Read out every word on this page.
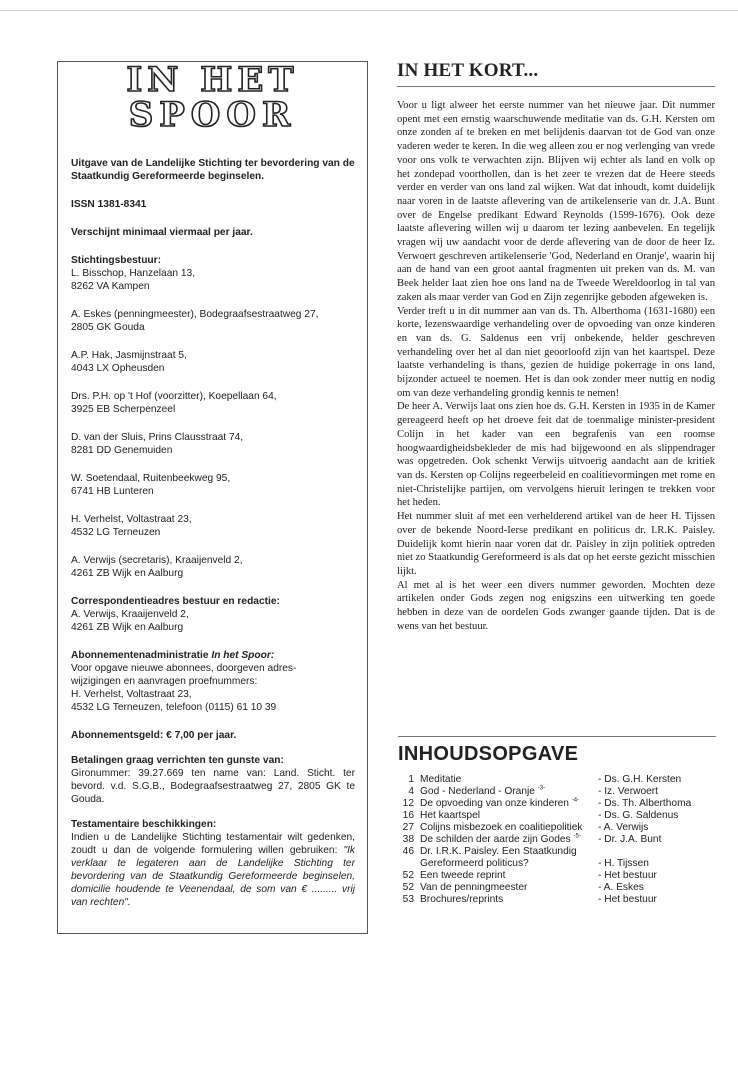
IN HET
SPOOR

Uitgave van de Landelijke Stichting ter bevordering van de Staatkundig Gereformeerde beginselen.

ISSN 1381-8341

Verschijnt minimaal viermaal per jaar.

Stichtingsbestuur:

L. Bisschop, Hanzelaan 13,

8262 VA Kampen

A. Eskes (penningmeester), Bodegraafsestraatweg 27,

2805 GK Gouda

A.P. Hak, Jasmijnstraat 5,

4043 LX Opheusden

Drs. P.H. op 't Hof (voorzitter), Koepellaan 64,

3925 EB Scherpenzeel

D. van der Sluis, Prins Clausstraat 74,

8281 DD Genemuiden

W. Soetendaal, Ruitenbeekweg 95,

6741 HB Lunteren

H. Verhelst, Voltastraat 23,

4532 LG Terneuzen

A. Verwijs (secretaris), Kraaijenveld 2,

4261 ZB Wijk en Aalburg

Correspondentieadres bestuur en redactie:

A. Verwijs, Kraaijenveld 2,

4261 ZB Wijk en Aalburg

Abonnementenadministratie In het Spoor:

Voor opgave nieuwe abonnees, doorgeven adres-

wijzigingen en aanvragen proefnummers:

H. Verhelst, Voltastraat 23,

4532 LG Terneuzen, telefoon (0115) 61 10 39

Abonnementsgeld: € 7,00 per jaar.

Betalingen graag verrichten ten gunste van:

Gironummer: 39.27.669 ten name van: Land. Sticht. ter bevord. v.d. S.G.B., Bodegraafsestraatweg 27, 2805 GK te Gouda.

Testamentaire beschikkingen:

Indien u de Landelijke Stichting testamentair wilt gedenken, zoudt u dan de volgende formulering willen gebruiken: "Ik verklaar te legateren aan de Landelijke Stichting ter bevordering van de Staatkundig Gereformeerde beginselen, domicilie houdende te Veenendaal, de som van € ......... vrij van rechten".

IN HET KORT...

Voor u ligt alweer het eerste nummer van het nieuwe jaar. Dit nummer opent met een ernstig waarschuwende meditatie van ds. G.H. Kersten om onze zonden af te breken en met belijdenis daarvan tot de God van onze vaderen weder te keren. In die weg alleen zou er nog verlenging van vrede voor ons volk te verwachten zijn. Blijven wij echter als land en volk op het zondepad voorthollen, dan is het zeer te vrezen dat de Heere steeds verder en verder van ons land zal wijken. Wat dat inhoudt, komt duidelijk naar voren in de laatste aflevering van de artikelenserie van dr. J.A. Bunt over de Engelse predikant Edward Reynolds (1599-1676). Ook deze laatste aflevering willen wij u daarom ter lezing aanbevelen. En tegelijk vragen wij uw aandacht voor de derde aflevering van de door de heer Iz. Verwoert geschreven artikelenserie 'God, Nederland en Oranje', waarin hij aan de hand van een groot aantal fragmenten uit preken van ds. M. van Beek helder laat zien hoe ons land na de Tweede Wereldoorlog in tal van zaken als maar verder van God en Zijn zegenrijke geboden afgeweken is.

Verder treft u in dit nummer aan van ds. Th. Alberthoma (1631-1680) een korte, lezenswaardige verhandeling over de opvoeding van onze kinderen en van ds. G. Saldenus een vrij onbekende, helder geschreven verhandeling over het al dan niet geoorloofd zijn van het kaartspel. Deze laatste verhandeling is thans, gezien de huidige pokerrage in ons land, bijzonder actueel te noemen. Het is dan ook zonder meer nuttig en nodig om van deze verhandeling grondig kennis te nemen!

De heer A. Verwijs laat ons zien hoe ds. G.H. Kersten in 1935 in de Kamer gereageerd heeft op het droeve feit dat de toenmalige minister-president Colijn in het kader van een begrafenis van een roomse hoogwaardigheidsbekleder de mis had bijgewoond en als slippendrager was opgetreden. Ook schenkt Verwijs uitvoerig aandacht aan de kritiek van ds. Kersten op Colijns regeerbeleid en coalitievormingen met rome en niet-Christelijke partijen, om vervolgens hieruit leringen te trekken voor het heden.

Het nummer sluit af met een verhelderend artikel van de heer H. Tijssen over de bekende Noord-Ierse predikant en politicus dr. I.R.K. Paisley. Duidelijk komt hierin naar voren dat dr. Paisley in zijn politiek optreden niet zo Staatkundig Gereformeerd is als dat op het eerste gezicht misschien lijkt.

Al met al is het weer een divers nummer geworden. Mochten deze artikelen onder Gods zegen nog enigszins een uitwerking ten goede hebben in deze van de oordelen Gods zwanger gaande tijden. Dat is de wens van het bestuur.

INHOUDSOPGAVE
1 Meditatie	- Ds. G.H. Kersten
4 God - Nederland - Oranje $^{-3-}$	- Iz. Verwoert
12 De opvoeding van onze kinderen $^{-4-}$	- Ds. Th. Alberthoma
16 Het kaartspel	- Ds. G. Saldenus
27 Colijns misbezoek en coalitiepolitiek	- A. Verwijs
38 De schilden der aarde zijn Godes $^{-5-}$	- Dr. J.A. Bunt
46 Dr. I.R.K. Paisley. Een Staatkundig Gereformeerd politicus?	- H. Tijssen
52 Een tweede reprint	- Het bestuur
52 Van de penningmeester	- A. Eskes
53 Brochures/reprints	- Het bestuur
